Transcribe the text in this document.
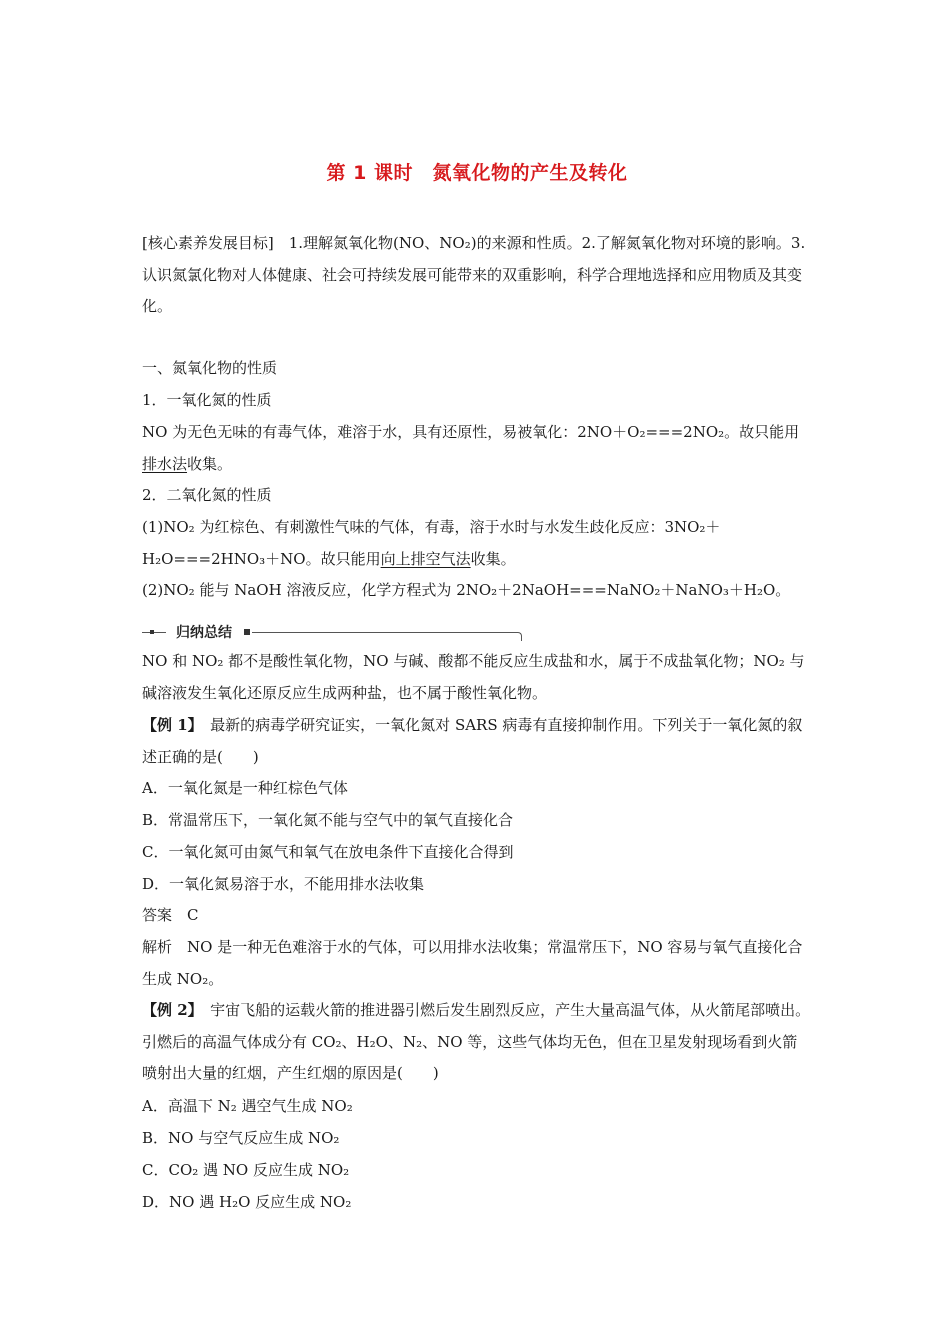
第 1 课时　氮氧化物的产生及转化
[核心素养发展目标]　1.理解氮氧化物(NO、NO₂)的来源和性质。2.了解氮氧化物对环境的影响。3.认识氮氯化物对人体健康、社会可持续发展可能带来的双重影响，科学合理地选择和应用物质及其变化。
一、氮氧化物的性质
1．一氧化氮的性质
NO 为无色无味的有毒气体，难溶于水，具有还原性，易被氧化：2NO＋O₂===2NO₂。故只能用排水法收集。
2．二氧化氮的性质
(1)NO₂ 为红棕色、有刺激性气味的气体，有毒，溶于水时与水发生歧化反应：3NO₂＋H₂O===2HNO₃＋NO。故只能用向上排空气法收集。
(2)NO₂ 能与 NaOH 溶液反应，化学方程式为 2NO₂＋2NaOH===NaNO₂＋NaNO₃＋H₂O。
归纳总结
NO 和 NO₂ 都不是酸性氧化物，NO 与碱、酸都不能反应生成盐和水，属于不成盐氧化物；NO₂ 与碱溶液发生氧化还原反应生成两种盐，也不属于酸性氧化物。
【例 1】　最新的病毒学研究证实，一氧化氮对 SARS 病毒有直接抑制作用。下列关于一氧化氮的叙述正确的是(　　)
A．一氧化氮是一种红棕色气体
B．常温常压下，一氧化氮不能与空气中的氧气直接化合
C．一氧化氮可由氮气和氧气在放电条件下直接化合得到
D．一氧化氮易溶于水，不能用排水法收集
答案　C
解析　NO 是一种无色难溶于水的气体，可以用排水法收集；常温常压下，NO 容易与氧气直接化合生成 NO₂。
【例 2】　宇宙飞船的运载火箭的推进器引燃后发生剧烈反应，产生大量高温气体，从火箭尾部喷出。引燃后的高温气体成分有 CO₂、H₂O、N₂、NO 等，这些气体均无色，但在卫星发射现场看到火箭喷射出大量的红烟，产生红烟的原因是(　　)
A．高温下 N₂ 遇空气生成 NO₂
B．NO 与空气反应生成 NO₂
C．CO₂ 遇 NO 反应生成 NO₂
D．NO 遇 H₂O 反应生成 NO₂
